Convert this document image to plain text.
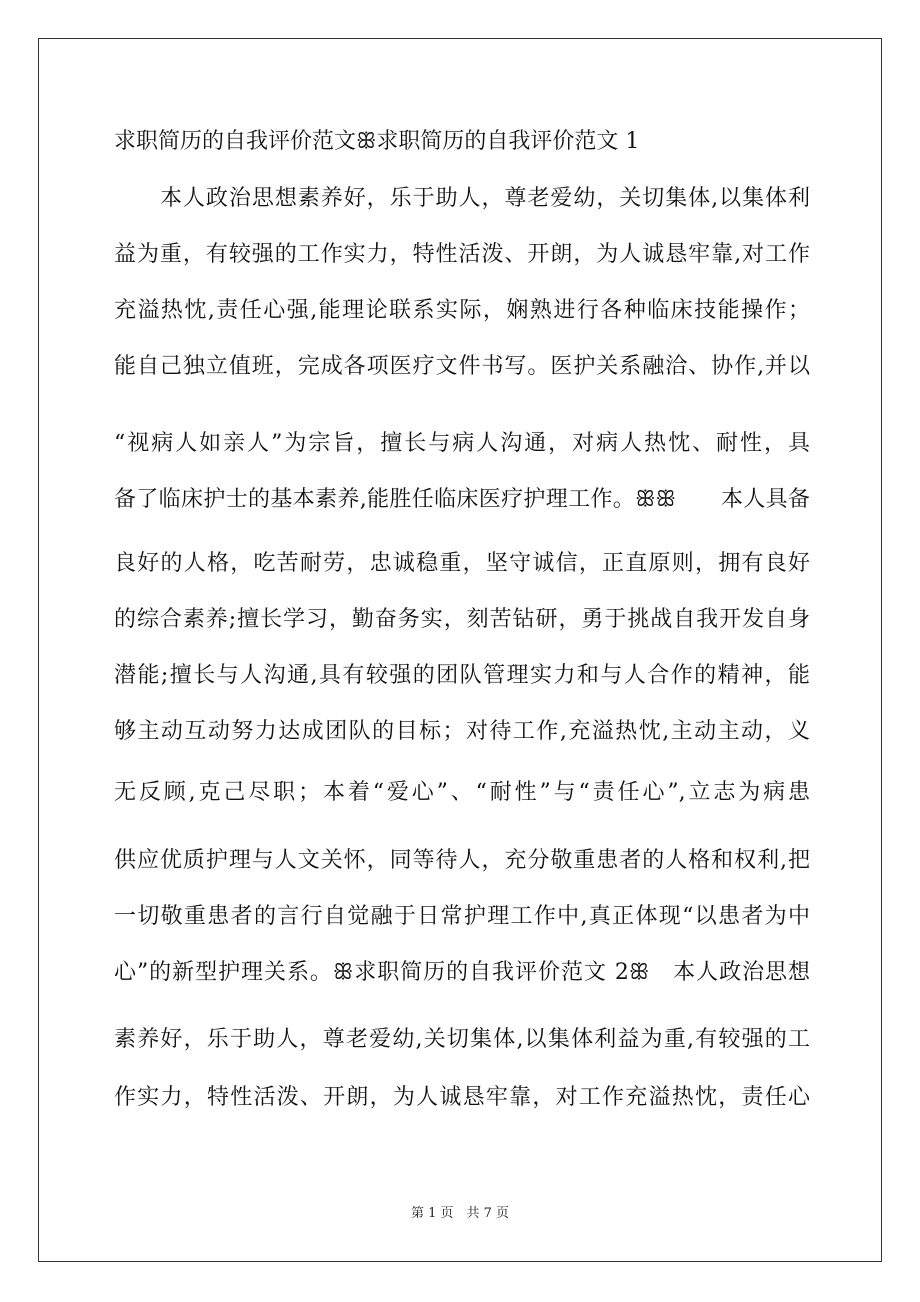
求职简历的自我评价范文ꕥ求职简历的自我评价范文 1
本人政治思想素养好，乐于助人，尊老爱幼，关切集体,以集体利
益为重，有较强的工作实力，特性活泼、开朗，为人诚恳牢靠,对工作
充溢热忱,责任心强,能理论联系实际，娴熟进行各种临床技能操作；
能自己独立值班，完成各项医疗文件书写。医护关系融洽、协作,并以
“视病人如亲人”为宗旨，擅长与病人沟通，对病人热忱、耐性，具
备了临床护士的基本素养,能胜任临床医疗护理工作。ꕥꕥ　　本人具备
良好的人格，吃苦耐劳，忠诚稳重，坚守诚信，正直原则，拥有良好
的综合素养;擅长学习，勤奋务实，刻苦钻研，勇于挑战自我开发自身
潜能;擅长与人沟通,具有较强的团队管理实力和与人合作的精神，能
够主动互动努力达成团队的目标；对待工作,充溢热忱,主动主动，义
无反顾,克己尽职；本着“爱心”、“耐性”与“责任心”,立志为病患
供应优质护理与人文关怀，同等待人，充分敬重患者的人格和权利,把
一切敬重患者的言行自觉融于日常护理工作中,真正体现“以患者为中
心”的新型护理关系。ꕥ求职简历的自我评价范文 2ꕥ　本人政治思想
素养好，乐于助人，尊老爱幼,关切集体,以集体利益为重,有较强的工
作实力，特性活泼、开朗，为人诚恳牢靠，对工作充溢热忱，责任心
第 1 页　共 7 页
